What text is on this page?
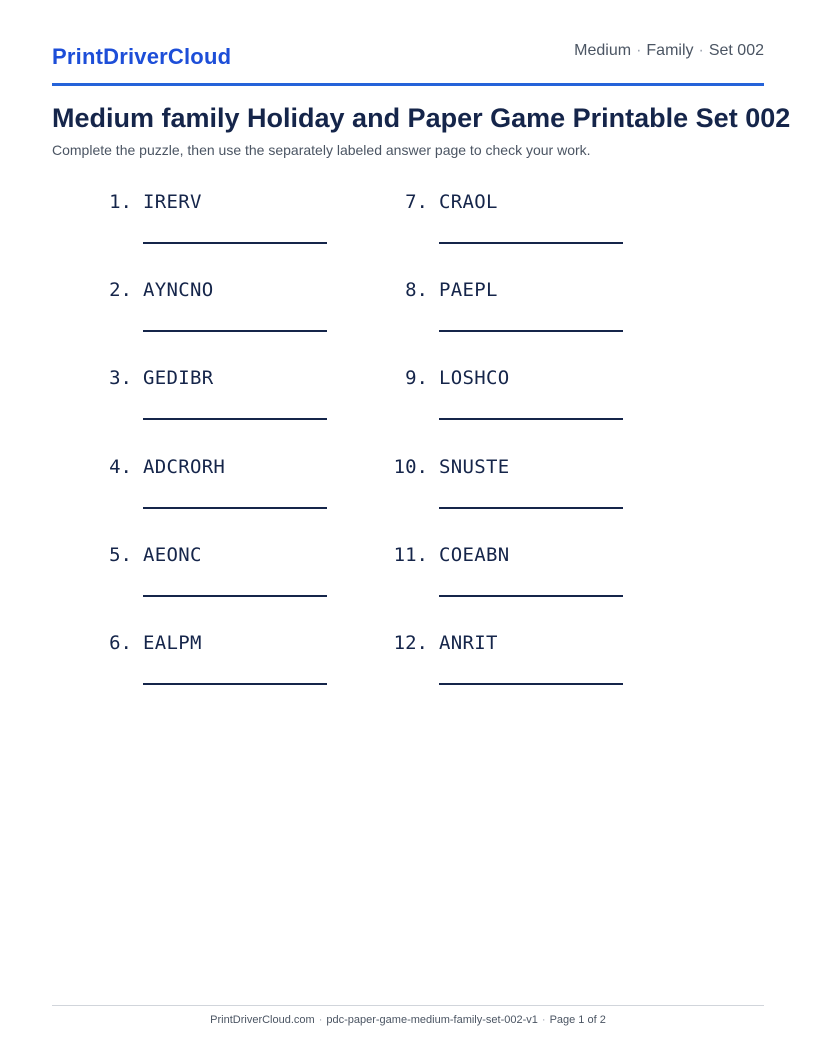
PrintDriverCloud	Medium · Family · Set 002
Medium family Holiday and Paper Game Printable Set 002

Complete the puzzle, then use the separately labeled answer page to check your work.

1. IRERV
2. AYNCNO
3. GEDIBR
4. ADCRORH
5. AEONC
6. EALPM
7. CRAOL
8. PAEPL
9. LOSHCO
10. SNUSTE
11. COEABN
12. ANRIT
PrintDriverCloud.com · pdc-paper-game-medium-family-set-002-v1 · Page 1 of 2
